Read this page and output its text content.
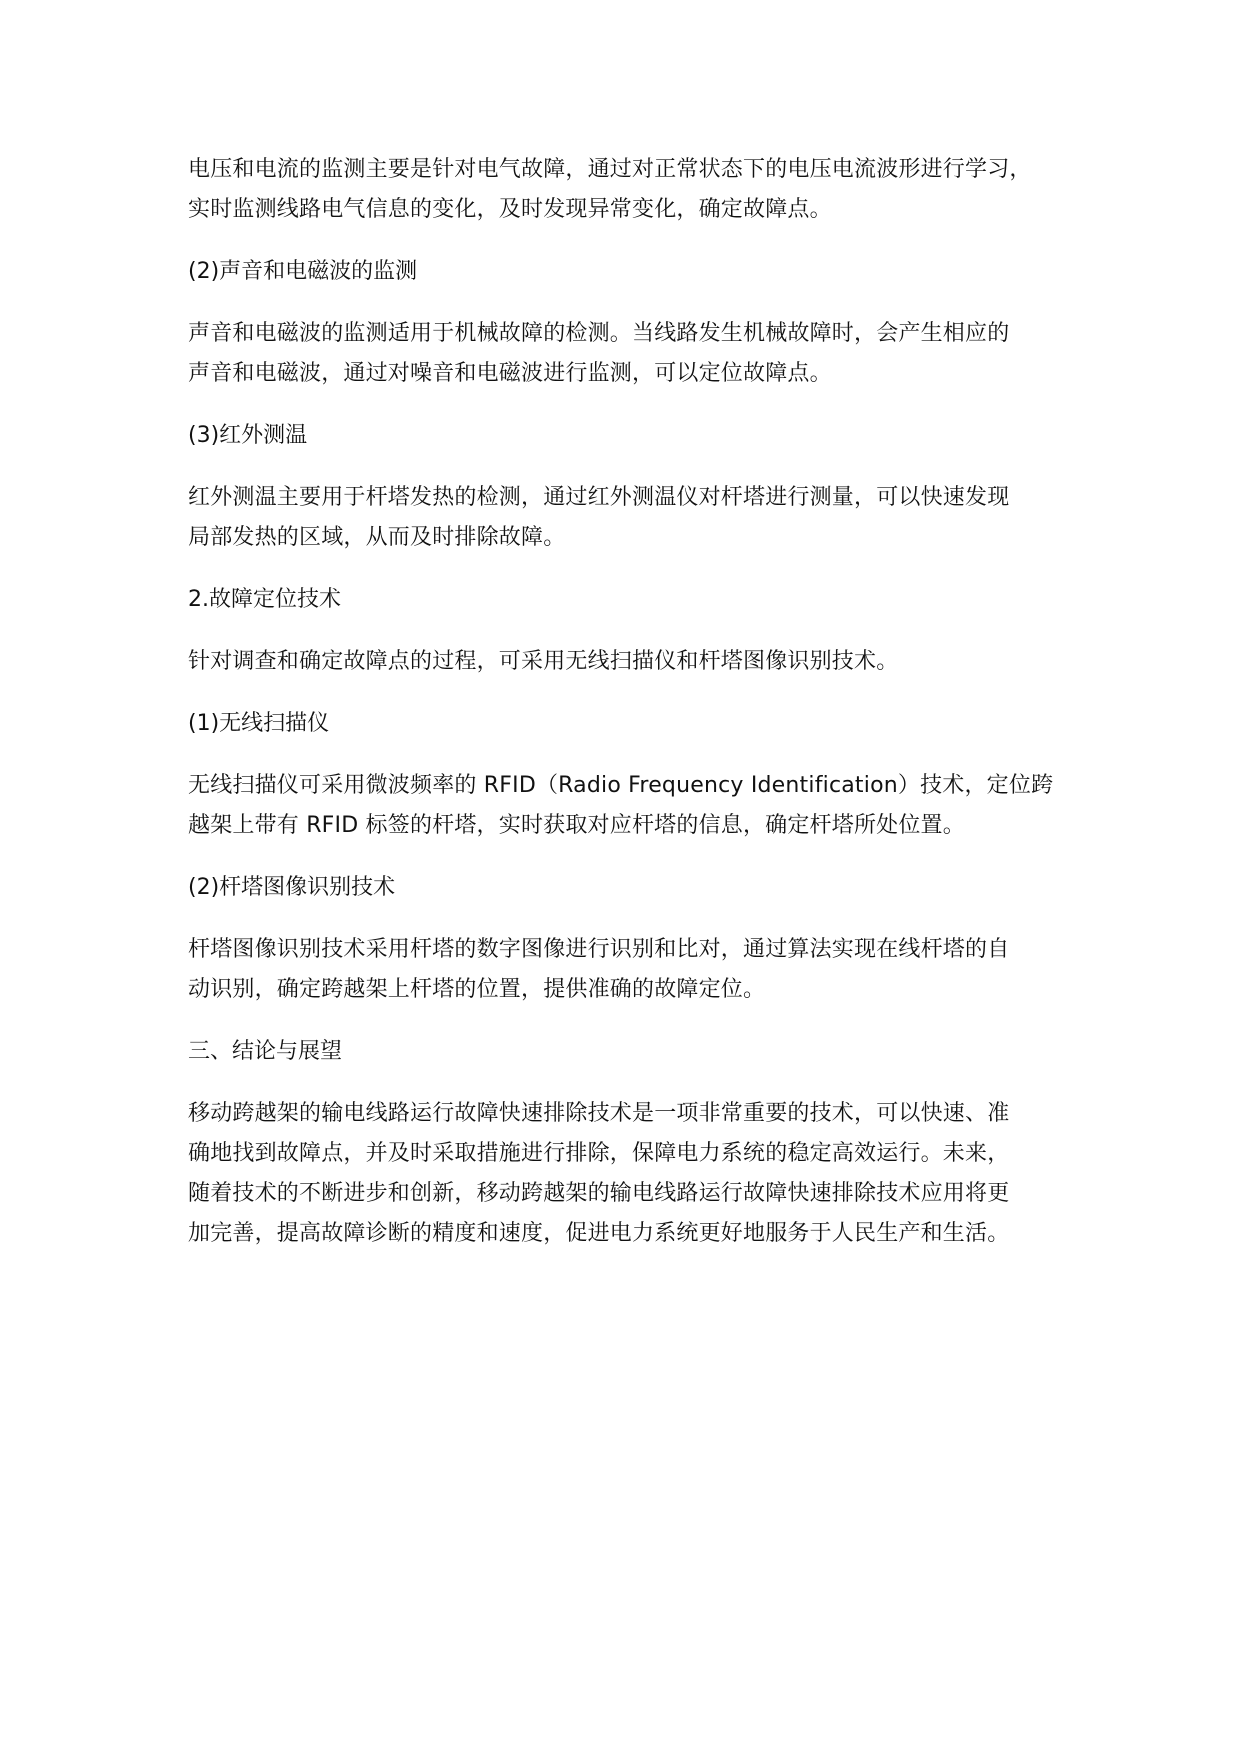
电压和电流的监测主要是针对电气故障，通过对正常状态下的电压电流波形进行学习，
实时监测线路电气信息的变化，及时发现异常变化，确定故障点。

(2)声音和电磁波的监测

声音和电磁波的监测适用于机械故障的检测。当线路发生机械故障时，会产生相应的
声音和电磁波，通过对噪音和电磁波进行监测，可以定位故障点。

(3)红外测温

红外测温主要用于杆塔发热的检测，通过红外测温仪对杆塔进行测量，可以快速发现
局部发热的区域，从而及时排除故障。

2.故障定位技术

针对调查和确定故障点的过程，可采用无线扫描仪和杆塔图像识别技术。

(1)无线扫描仪

无线扫描仪可采用微波频率的 RFID（Radio Frequency Identification）技术，定位跨
越架上带有 RFID 标签的杆塔，实时获取对应杆塔的信息，确定杆塔所处位置。

(2)杆塔图像识别技术

杆塔图像识别技术采用杆塔的数字图像进行识别和比对，通过算法实现在线杆塔的自
动识别，确定跨越架上杆塔的位置，提供准确的故障定位。

三、结论与展望

移动跨越架的输电线路运行故障快速排除技术是一项非常重要的技术，可以快速、准
确地找到故障点，并及时采取措施进行排除，保障电力系统的稳定高效运行。未来，
随着技术的不断进步和创新，移动跨越架的输电线路运行故障快速排除技术应用将更
加完善，提高故障诊断的精度和速度，促进电力系统更好地服务于人民生产和生活。
